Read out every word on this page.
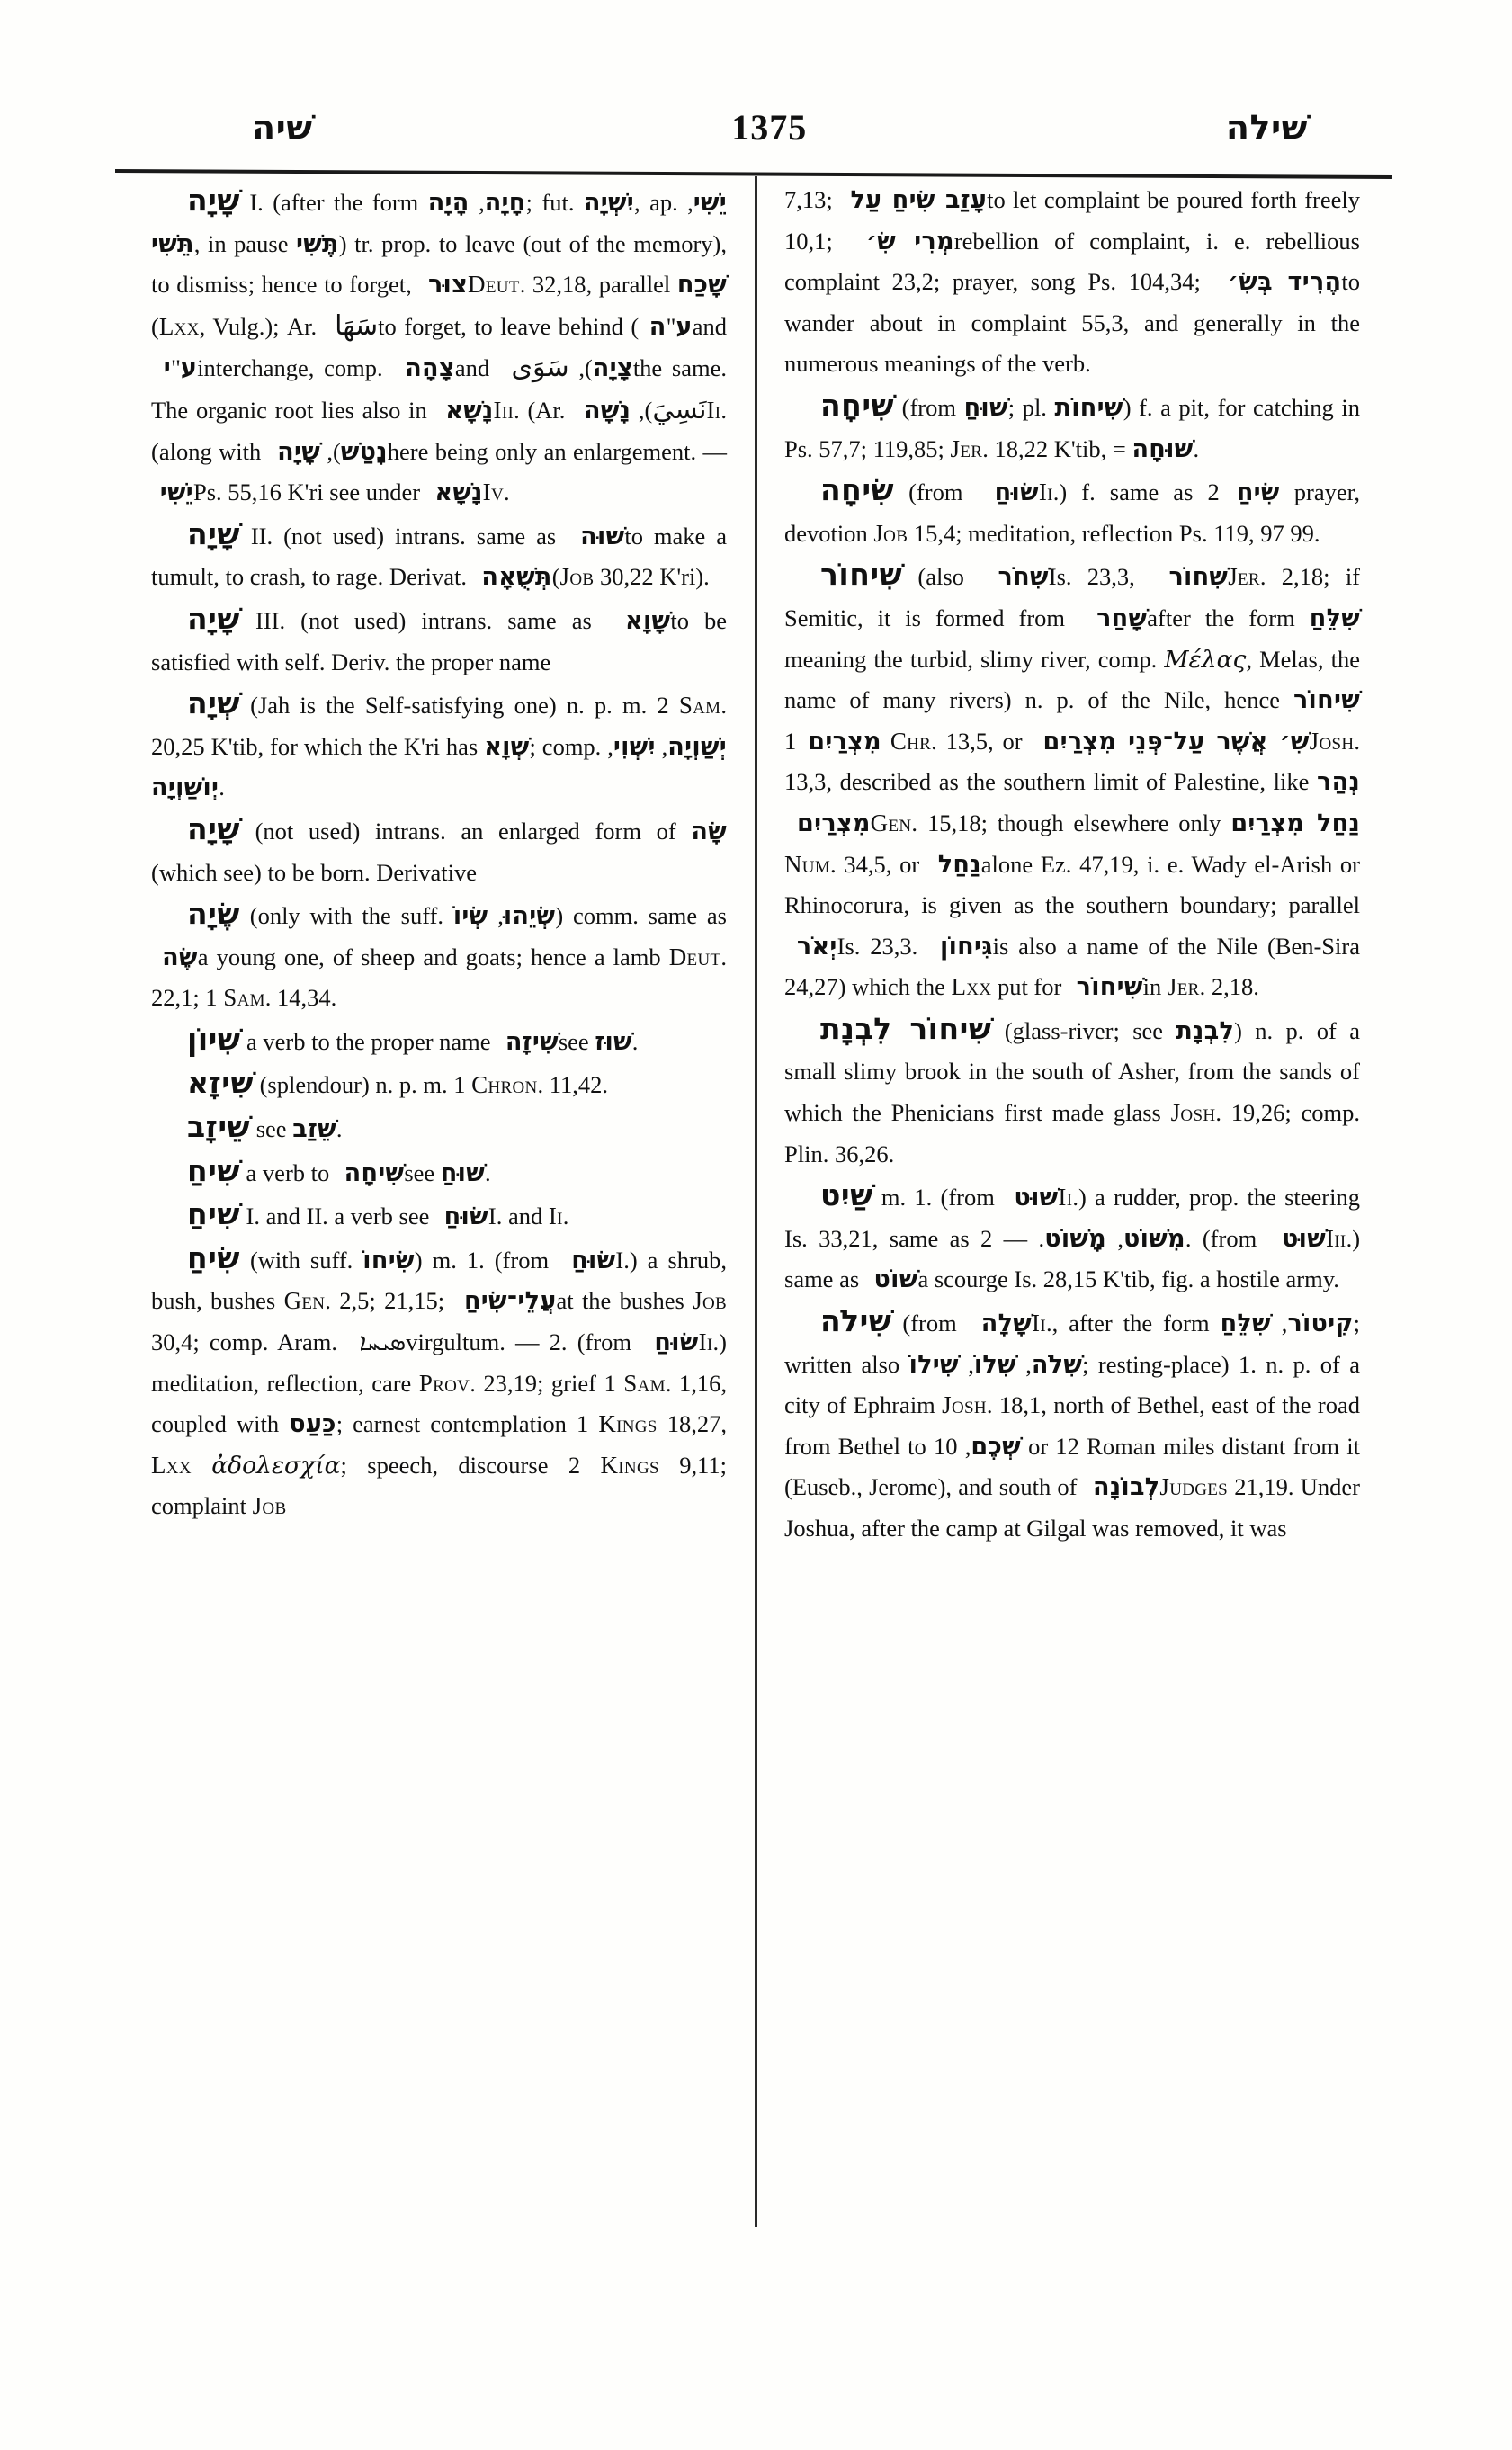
שׁיה	1375	שׁילה

שָׁיָה I. (after the form חָיָה, הָיָה ; fut. יִשְׁיָה, ap. יֵשִׁי, תֵּשִׁי, in pause תֶּשִׁי) tr. prop. to leave (out of the memory), to dismiss; hence to forget, צוּר Deut. 32,18, parallel שָׁכַח (Lxx, Vulg.); Ar. سَهَا to forget, to leave behind ( ע"ה and ע"י interchange, comp. צָהָה and	צָיָה), سَوَى	the same. The organic root lies also in נָשָׁא Iii. (Ar.	نَسِيَ), נָשָׁה	Ii. (along with	נָטַשׁ), שָׁיָה	here being only an enlargement. — יֵשִׁי Ps. 55,16 K'ri see under נָשָׁא Iv.

שָׁיָה II. (not used) intrans. same as שׁוּה to make a tumult, to crash, to rage. Derivat. תְּשֻׁאָה (Job 30,22 K'ri).

שָׁיָה III. (not used) intrans. same as שָׁוָא to be satisfied with self. Deriv. the proper name

שְׁיָה (Jah is the Self-satisfying one) n. p. m. 2 Sam. 20,25 K'tib, for which the K'ri has שְׁוָא; comp. יְשַׁוְיָה, יִשְׁוִי, יְוֹשַׁוְיָה.

שָׁיָה (not used) intrans. an enlarged form of שָׂה (which see) to be born. Derivative

שֶׂיָה (only with the suff. שְׂיֵהוּ, שְׂיוֹ	) comm. same as שֶׂה a young one, of sheep and goats; hence a lamb Deut. 22,1; 1 Sam. 14,34.

שִׁיוֹן a verb to the proper name שִׁיזָה see שׁוּז.

שִׁיזָא (splendour) n. p. m. 1 Chron. 11,42.

שֵׁיזָב see שֵׁזַב.

שִׁיחַ a verb to שִׁיחָה see שׁוּחַ.

שִׁיחַ I. and II. a verb see שׂוּחַ I. and Ii.

שִׂיחַ (with suff. שִׂיחוֹ) m. 1. (from שׂוּחַ I.) a shrub, bush, bushes Gen. 2,5; 21,15; עֲלֵי־שִׂיחַ at the bushes Job 30,4; comp. Aram. ܣܝܚܐ virgultum. — 2. (from שׂוּחַ Ii.) meditation, reflection, care Prov. 23,19; grief 1 Sam. 1,16, coupled with כַּעַס; earnest contemplation 1 Kings 18,27, Lxx ἀδολεσχία; speech, discourse 2 Kings 9,11; complaint Job

7,13; עָזַב שִׂיחַ עַל to let complaint be poured forth freely 10,1; מְרִי שִׂ׳ rebellion of complaint, i. e. rebellious complaint 23,2; prayer, song Ps. 104,34; הֶרִיד בְּשִׂ׳ to wander about in complaint 55,3, and generally in the numerous meanings of the verb.

שִׁיחָה (from שׁוּחַ; pl. שִׁיחוֹת) f. a pit, for catching in Ps. 57,7; 119,85; Jer. 18,22 K'tib, = שׁוּחָה.

שִׂיחָה (from שׂוּחַ Ii.) f. same as שִׂיחַ 2 prayer, devotion Job 15,4; meditation, reflection Ps. 119, 97 99.

שִׁיחוֹר (also שִׁחֹר Is. 23,3, שִׁחוֹר Jer. 2,18; if Semitic, it is formed from שָׁחַר after the form שִׁלֵּחַ meaning the turbid, slimy river, comp. Μέλας, Melas, the name of many rivers) n. p. of the Nile, hence שִׁיחוֹר מִצְרַיִם 1 Chr. 13,5, or שִׁ׳ אֲשֶׁר עַל־פְּנֵי מִצְרַיִם Josh. 13,3, described as the southern limit of Palestine, like נְהַר מִצְרַיִם Gen. 15,18; though elsewhere only נַחַל מִצְרַיִם Num. 34,5, or נַחַל alone Ez. 47,19, i. e. Wady el-Arish or Rhinocorura, is given as the southern boundary; parallel יְאֹר Is. 23,3. גִּיחוֹן is also a name of the Nile (Ben-Sira 24,27) which the Lxx put for שִׁיחוֹר in Jer. 2,18.

שִׁיחוֹר לִבְנָת (glass-river; see לִבְנָת) n. p. of a small slimy brook in the south of Asher, from the sands of which the Phenicians first made glass Josh. 19,26; comp. Plin. 36,26.

שַׁיִט m. 1. (from שׁוּט Ii.) a rudder, prop. the steering Is. 33,21, same as	מִשּׁוֹט, מָשׁוֹט. — 2. (from שׁוּט Iii.) same as שׁוֹט a scourge Is. 28,15 K'tib, fig. a hostile army.

שִׁילֹה (from שָׁלָה Ii., after the form	קִיטוֹר, שִׁלֵּחַ	; written also	שִׁלֹה, שִׁלוֹ, שִׁילוֹ	; resting-place) 1. n. p. of a city of Ephraim Josh. 18,1, north of Bethel, east of the road from Bethel to שְׁכֶם, 10 or 12 Roman miles distant from it (Euseb., Jerome), and south of לְבוֹנָה Judges 21,19. Under Joshua, after the camp at Gilgal was removed, it was
